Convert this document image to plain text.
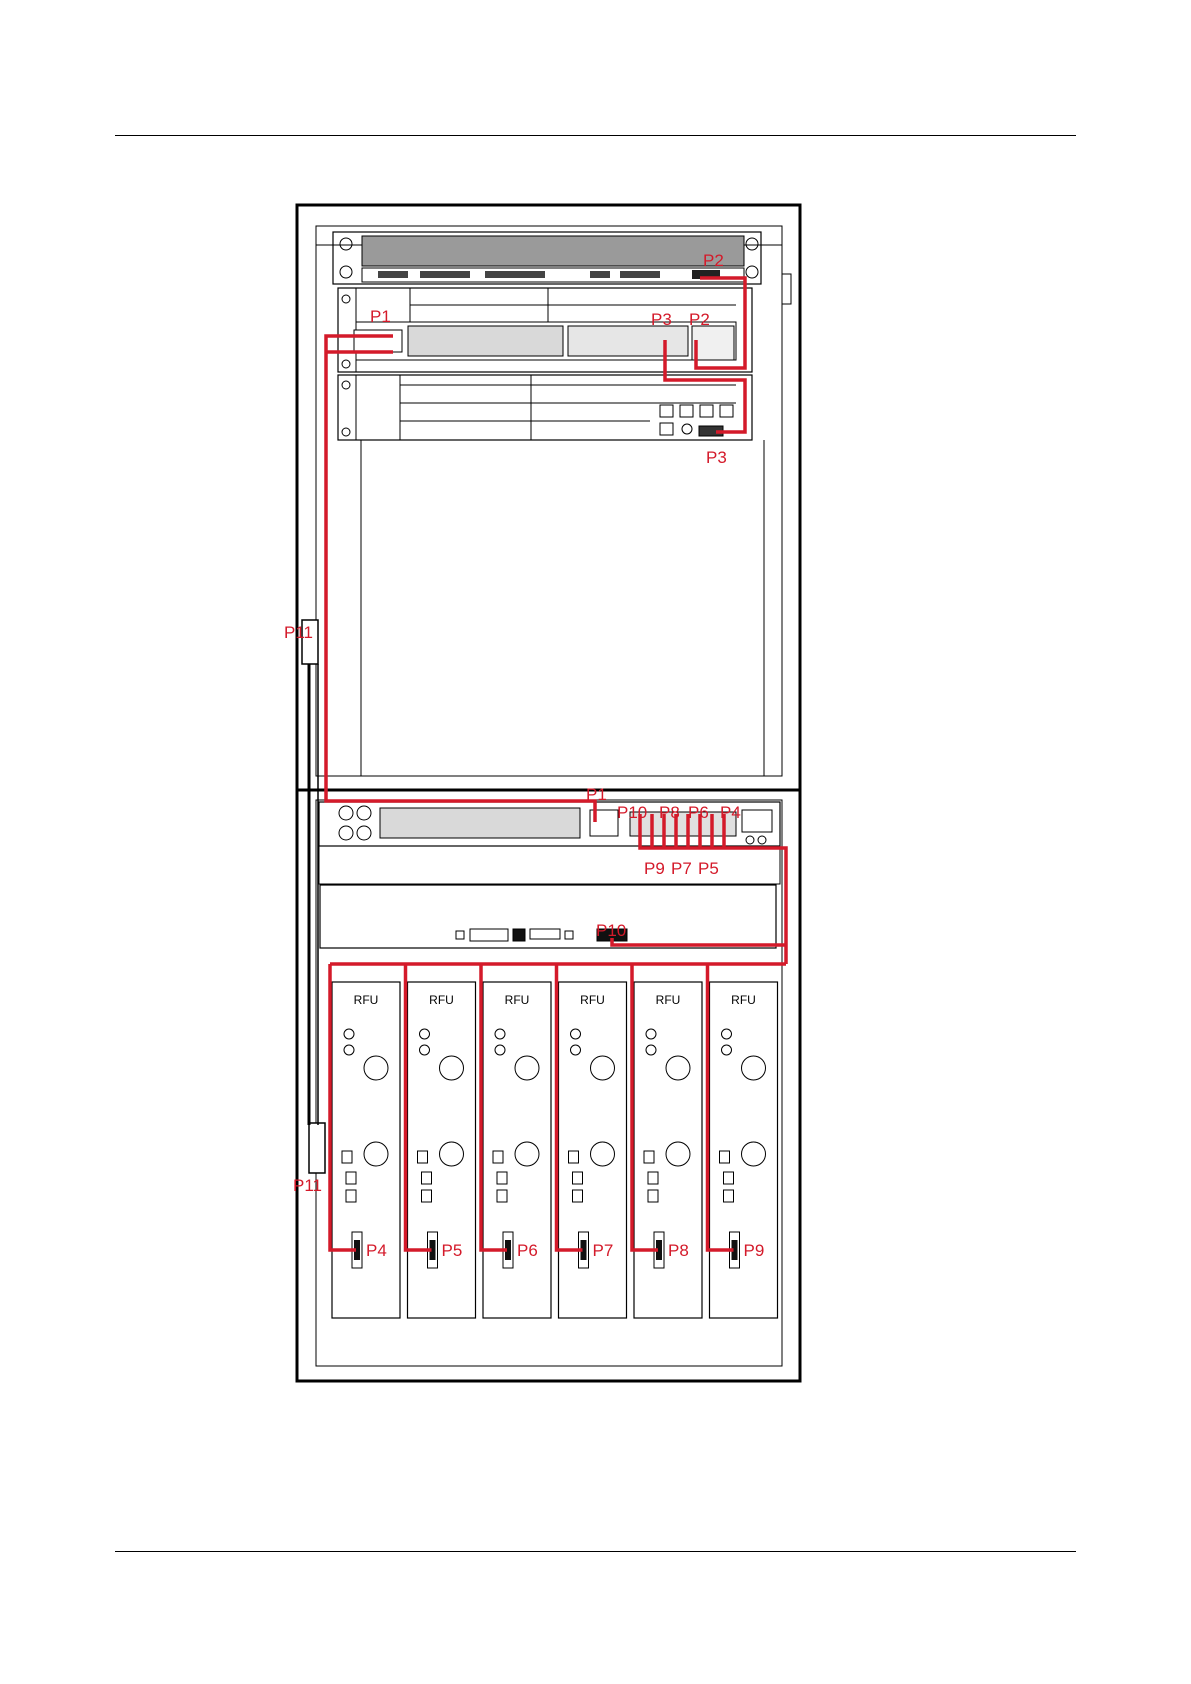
RFU
P4
RFU
P5
RFU
P6
RFU
P7
RFU
P8
RFU
P9
P2
P1	P3 P2
P3
P11
P11
P1
P10 P8 P6 P4
P9 P7 P5
P10
